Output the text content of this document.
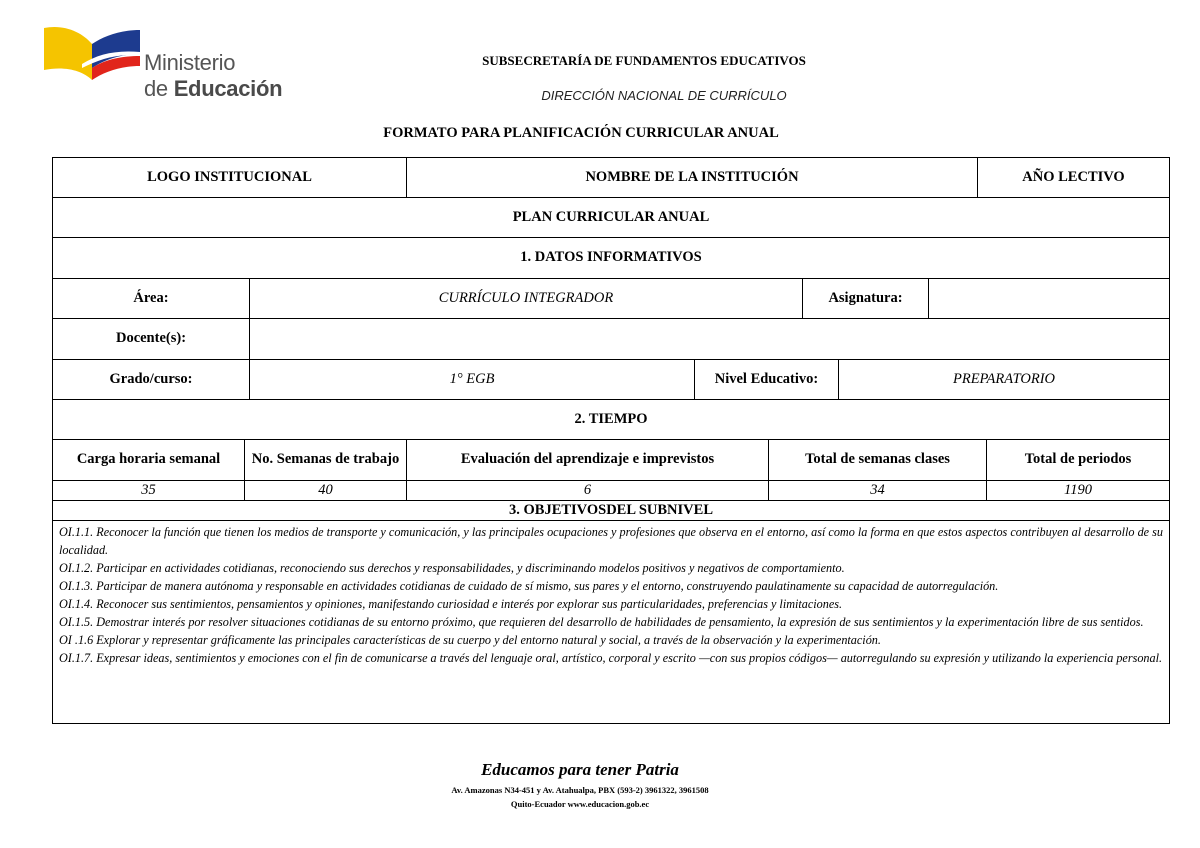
Ministerio
de Educación
SUBSECRETARÍA DE FUNDAMENTOS EDUCATIVOS
DIRECCIÓN NACIONAL DE CURRÍCULO
FORMATO PARA PLANIFICACIÓN CURRICULAR ANUAL
LOGO INSTITUCIONAL	NOMBRE DE LA INSTITUCIÓN	AÑO LECTIVO
PLAN CURRICULAR ANUAL
1. DATOS INFORMATIVOS
Área:	CURRÍCULO INTEGRADOR	Asignatura:
Docente(s):
Grado/curso:	1° EGB	Nivel Educativo:	PREPARATORIO
2. TIEMPO
Carga horaria semanal	No. Semanas de trabajo	Evaluación del aprendizaje e imprevistos	Total de semanas clases	Total de periodos
35	40	6	34	1190
3. OBJETIVOSDEL SUBNIVEL

OI.1.1. Reconocer la función que tienen los medios de transporte y comunicación, y las principales ocupaciones y profesiones que observa en el entorno, así como la forma en que estos aspectos contribuyen al desarrollo de su localidad.

OI.1.2. Participar en actividades cotidianas, reconociendo sus derechos y responsabilidades, y discriminando modelos positivos y negativos de comportamiento.

OI.1.3. Participar de manera autónoma y responsable en actividades cotidianas de cuidado de sí mismo, sus pares y el entorno, construyendo paulatinamente su capacidad de autorregulación.

OI.1.4. Reconocer sus sentimientos, pensamientos y opiniones, manifestando curiosidad e interés por explorar sus particularidades, preferencias y limitaciones.

OI.1.5. Demostrar interés por resolver situaciones cotidianas de su entorno próximo, que requieren del desarrollo de habilidades de pensamiento, la expresión de sus sentimientos y la experimentación libre de sus sentidos.

OI .1.6 Explorar y representar gráficamente las principales características de su cuerpo y del entorno natural y social, a través de la observación y la experimentación.

OI.1.7. Expresar ideas, sentimientos y emociones con el fin de comunicarse a través del lenguaje oral, artístico, corporal y escrito —con sus propios códigos— autorregulando su expresión y utilizando la experiencia personal.

Educamos para tener Patria
Av. Amazonas N34-451 y Av. Atahualpa, PBX (593-2) 3961322, 3961508
Quito-Ecuador www.educacion.gob.ec
